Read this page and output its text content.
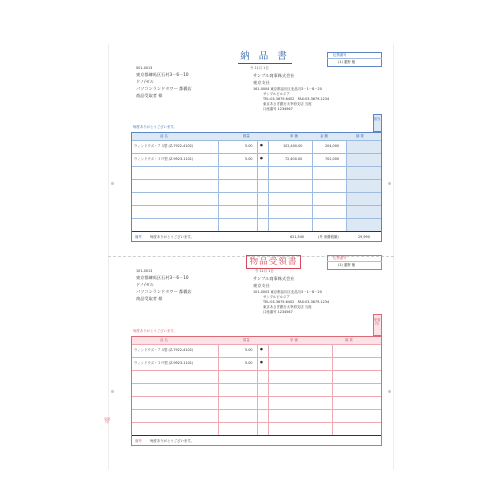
納 品 書
令 11月 1日
伝票番号
(1) 蓮野 様
001-0013
東京都練馬区石村3－6－10
ドノ/ゼル
パソコンランドタワー 都橋店
商品受取者 様
サンプル商事株式会社
東京支社
161-0004 東京都品川区北品川3－1－8－20
サンプルビルジア
TEL:03-3679-6402　FAX:03-3679-1234
東京あさぎ銀行太宰府支店 当座
口座番号 1234567
担当
毎度ありがとうございます。
品 名	数量	単 価	金 額	摘 要
ウィンドウズ・７ 1型 (Z-7922-4102)	5.00 ●	102,400.00	204,000
ウィンドウズ・１０型 (Z-9923-1101)	5.00 ●	72,400.00	702,000
備考 毎度ありがとうございます。	621,540	(外 消費税額)	29,990
物品受領書
令 11月 1日
伝票番号
(1) 蓮野 様
101-0013
東京都練馬区石村3－6－10
ドノ/ゼル
パソコンランドタワー 都橋店
商品受取者 様
サンプル商事株式会社
東京支社
101-0003 東京都品川区北品川3－1－8－20
サンプルビルジア
TEL:03-3679-6402　FAX:03-3679-1234
東京あさぎ銀行太宰府支店 当座
口座番号 1234567
受領印
毎度ありがとうございます。
品 名	数量	単 価	摘 要
ウィンドウズ・７ 1型 (Z-7922-4102)	5.00 ●
ウィンドウズ・１０型 (Z-9923-1101)	5.00 ●
備考 毎度ありがとうございます。
受領印
